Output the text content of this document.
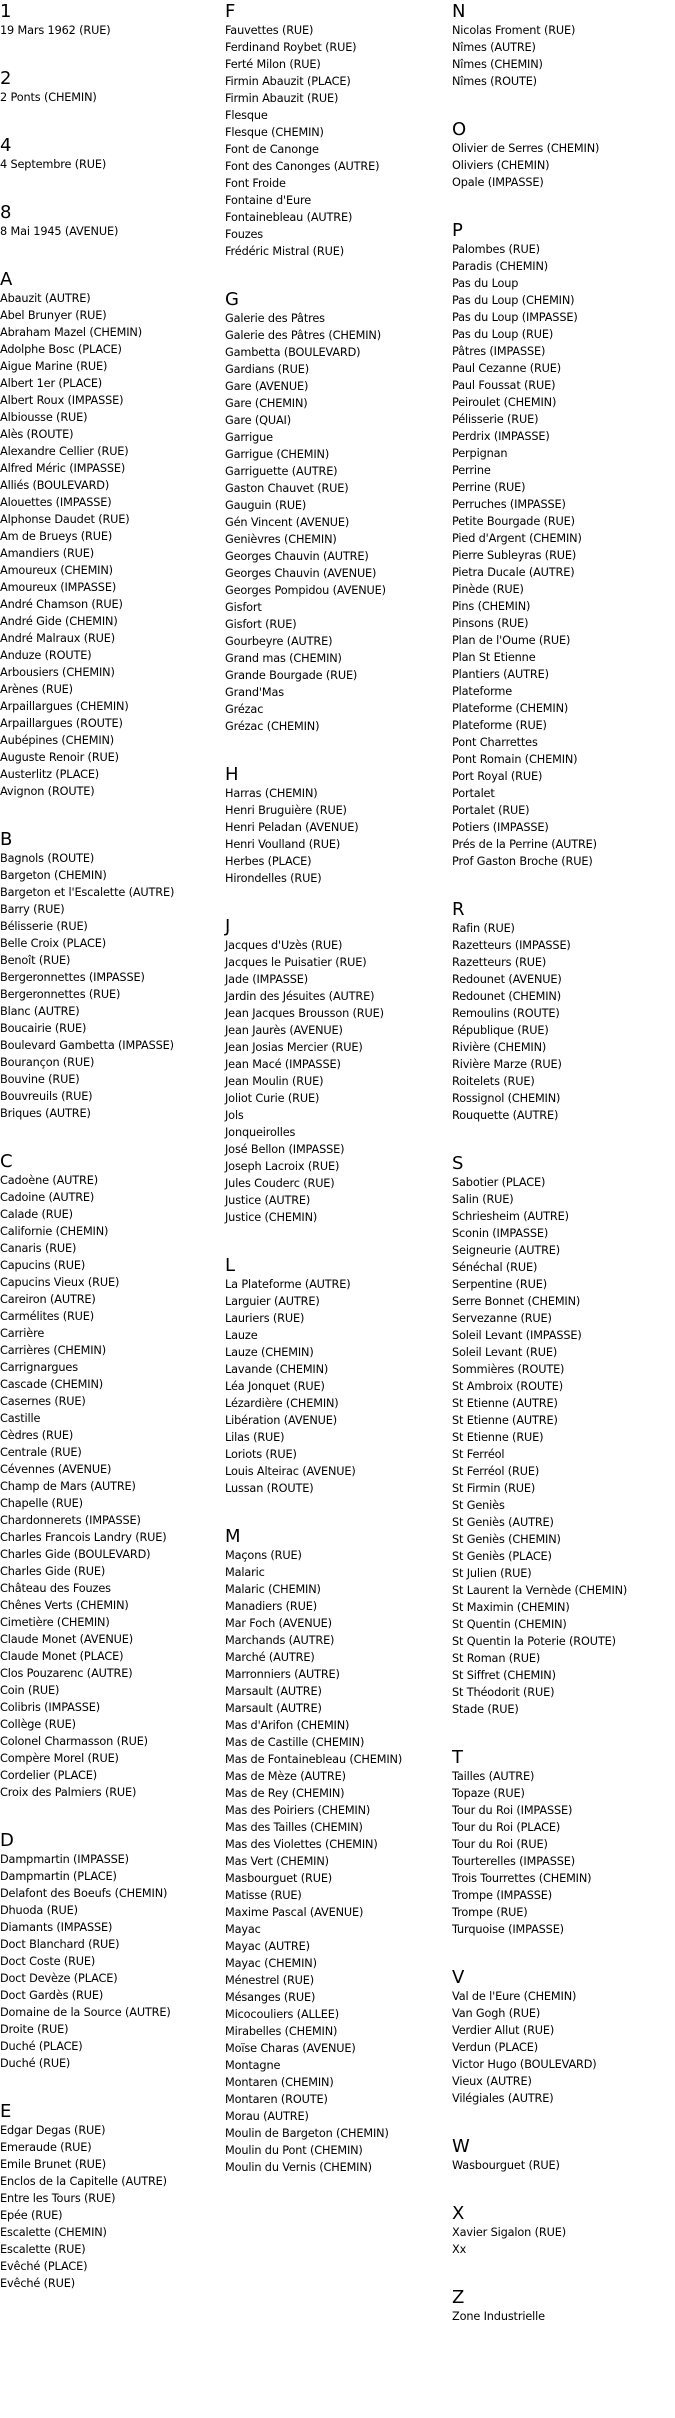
1
19 Mars 1962 (RUE)
2
2 Ponts (CHEMIN)
4
4 Septembre (RUE)
8
8 Mai 1945 (AVENUE)
A
Abauzit (AUTRE)
Abel Brunyer (RUE)
Abraham Mazel (CHEMIN)
Adolphe Bosc (PLACE)
Aigue Marine (RUE)
Albert 1er (PLACE)
Albert Roux (IMPASSE)
Albiousse (RUE)
Alès (ROUTE)
Alexandre Cellier (RUE)
Alfred Méric (IMPASSE)
Alliés (BOULEVARD)
Alouettes (IMPASSE)
Alphonse Daudet (RUE)
Am de Brueys (RUE)
Amandiers (RUE)
Amoureux (CHEMIN)
Amoureux (IMPASSE)
André Chamson (RUE)
André Gide (CHEMIN)
André Malraux (RUE)
Anduze (ROUTE)
Arbousiers (CHEMIN)
Arènes (RUE)
Arpaillargues (CHEMIN)
Arpaillargues (ROUTE)
Aubépines (CHEMIN)
Auguste Renoir (RUE)
Austerlitz (PLACE)
Avignon (ROUTE)
B
Bagnols (ROUTE)
Bargeton (CHEMIN)
Bargeton et l'Escalette (AUTRE)
Barry (RUE)
Bélisserie (RUE)
Belle Croix (PLACE)
Benoît (RUE)
Bergeronnettes (IMPASSE)
Bergeronnettes (RUE)
Blanc (AUTRE)
Boucairie (RUE)
Boulevard Gambetta (IMPASSE)
Bourançon (RUE)
Bouvine (RUE)
Bouvreuils (RUE)
Briques (AUTRE)
C
Cadoène (AUTRE)
Cadoine (AUTRE)
Calade (RUE)
Californie (CHEMIN)
Canaris (RUE)
Capucins (RUE)
Capucins Vieux (RUE)
Careiron (AUTRE)
Carmélites (RUE)
Carrière
Carrières (CHEMIN)
Carrignargues
Cascade (CHEMIN)
Casernes (RUE)
Castille
Cèdres (RUE)
Centrale (RUE)
Cévennes (AVENUE)
Champ de Mars (AUTRE)
Chapelle (RUE)
Chardonnerets (IMPASSE)
Charles Francois Landry (RUE)
Charles Gide (BOULEVARD)
Charles Gide (RUE)
Château des Fouzes
Chênes Verts (CHEMIN)
Cimetière (CHEMIN)
Claude Monet (AVENUE)
Claude Monet (PLACE)
Clos Pouzarenc (AUTRE)
Coin (RUE)
Colibris (IMPASSE)
Collège (RUE)
Colonel Charmasson (RUE)
Compère Morel (RUE)
Cordelier (PLACE)
Croix des Palmiers (RUE)
D
Dampmartin (IMPASSE)
Dampmartin (PLACE)
Delafont des Boeufs (CHEMIN)
Dhuoda (RUE)
Diamants (IMPASSE)
Doct Blanchard (RUE)
Doct Coste (RUE)
Doct Devèze (PLACE)
Doct Gardès (RUE)
Domaine de la Source (AUTRE)
Droite (RUE)
Duché (PLACE)
Duché (RUE)
E
Edgar Degas (RUE)
Emeraude (RUE)
Emile Brunet (RUE)
Enclos de la Capitelle (AUTRE)
Entre les Tours (RUE)
Epée (RUE)
Escalette (CHEMIN)
Escalette (RUE)
Evêché (PLACE)
Evêché (RUE)
F
Fauvettes (RUE)
Ferdinand Roybet (RUE)
Ferté Milon (RUE)
Firmin Abauzit (PLACE)
Firmin Abauzit (RUE)
Flesque
Flesque (CHEMIN)
Font de Canonge
Font des Canonges (AUTRE)
Font Froide
Fontaine d'Eure
Fontainebleau (AUTRE)
Fouzes
Frédéric Mistral (RUE)
G
Galerie des Pâtres
Galerie des Pâtres (CHEMIN)
Gambetta (BOULEVARD)
Gardians (RUE)
Gare (AVENUE)
Gare (CHEMIN)
Gare (QUAI)
Garrigue
Garrigue (CHEMIN)
Garriguette (AUTRE)
Gaston Chauvet (RUE)
Gauguin (RUE)
Gén Vincent (AVENUE)
Genièvres (CHEMIN)
Georges Chauvin (AUTRE)
Georges Chauvin (AVENUE)
Georges Pompidou (AVENUE)
Gisfort
Gisfort (RUE)
Gourbeyre (AUTRE)
Grand mas (CHEMIN)
Grande Bourgade (RUE)
Grand'Mas
Grézac
Grézac (CHEMIN)
H
Harras (CHEMIN)
Henri Bruguière (RUE)
Henri Peladan (AVENUE)
Henri Voulland (RUE)
Herbes (PLACE)
Hirondelles (RUE)
J
Jacques d'Uzès (RUE)
Jacques le Puisatier (RUE)
Jade (IMPASSE)
Jardin des Jésuites (AUTRE)
Jean Jacques Brousson (RUE)
Jean Jaurès (AVENUE)
Jean Josias Mercier (RUE)
Jean Macé (IMPASSE)
Jean Moulin (RUE)
Joliot Curie (RUE)
Jols
Jonqueirolles
José Bellon (IMPASSE)
Joseph Lacroix (RUE)
Jules Couderc (RUE)
Justice (AUTRE)
Justice (CHEMIN)
L
La Plateforme (AUTRE)
Larguier (AUTRE)
Lauriers (RUE)
Lauze
Lauze (CHEMIN)
Lavande (CHEMIN)
Léa Jonquet (RUE)
Lézardière (CHEMIN)
Libération (AVENUE)
Lilas (RUE)
Loriots (RUE)
Louis Alteirac (AVENUE)
Lussan (ROUTE)
M
Maçons (RUE)
Malaric
Malaric (CHEMIN)
Manadiers (RUE)
Mar Foch (AVENUE)
Marchands (AUTRE)
Marché (AUTRE)
Marronniers (AUTRE)
Marsault (AUTRE)
Marsault (AUTRE)
Mas d'Arifon (CHEMIN)
Mas de Castille (CHEMIN)
Mas de Fontainebleau (CHEMIN)
Mas de Mèze (AUTRE)
Mas de Rey (CHEMIN)
Mas des Poiriers (CHEMIN)
Mas des Tailles (CHEMIN)
Mas des Violettes (CHEMIN)
Mas Vert (CHEMIN)
Masbourguet (RUE)
Matisse (RUE)
Maxime Pascal (AVENUE)
Mayac
Mayac (AUTRE)
Mayac (CHEMIN)
Ménestrel (RUE)
Mésanges (RUE)
Micocouliers (ALLEE)
Mirabelles (CHEMIN)
Moïse Charas (AVENUE)
Montagne
Montaren (CHEMIN)
Montaren (ROUTE)
Morau (AUTRE)
Moulin de Bargeton (CHEMIN)
Moulin du Pont (CHEMIN)
Moulin du Vernis (CHEMIN)
N
Nicolas Froment (RUE)
Nîmes (AUTRE)
Nîmes (CHEMIN)
Nîmes (ROUTE)
O
Olivier de Serres (CHEMIN)
Oliviers (CHEMIN)
Opale (IMPASSE)
P
Palombes (RUE)
Paradis (CHEMIN)
Pas du Loup
Pas du Loup (CHEMIN)
Pas du Loup (IMPASSE)
Pas du Loup (RUE)
Pâtres (IMPASSE)
Paul Cezanne (RUE)
Paul Foussat (RUE)
Peiroulet (CHEMIN)
Pélisserie (RUE)
Perdrix (IMPASSE)
Perpignan
Perrine
Perrine (RUE)
Perruches (IMPASSE)
Petite Bourgade (RUE)
Pied d'Argent (CHEMIN)
Pierre Subleyras (RUE)
Pietra Ducale (AUTRE)
Pinède (RUE)
Pins (CHEMIN)
Pinsons (RUE)
Plan de l'Oume (RUE)
Plan St Etienne
Plantiers (AUTRE)
Plateforme
Plateforme (CHEMIN)
Plateforme (RUE)
Pont Charrettes
Pont Romain (CHEMIN)
Port Royal (RUE)
Portalet
Portalet (RUE)
Potiers (IMPASSE)
Prés de la Perrine (AUTRE)
Prof Gaston Broche (RUE)
R
Rafin (RUE)
Razetteurs (IMPASSE)
Razetteurs (RUE)
Redounet (AVENUE)
Redounet (CHEMIN)
Remoulins (ROUTE)
République (RUE)
Rivière (CHEMIN)
Rivière Marze (RUE)
Roitelets (RUE)
Rossignol (CHEMIN)
Rouquette (AUTRE)
S
Sabotier (PLACE)
Salin (RUE)
Schriesheim (AUTRE)
Sconin (IMPASSE)
Seigneurie (AUTRE)
Sénéchal (RUE)
Serpentine (RUE)
Serre Bonnet (CHEMIN)
Servezanne (RUE)
Soleil Levant (IMPASSE)
Soleil Levant (RUE)
Sommières (ROUTE)
St Ambroix (ROUTE)
St Etienne (AUTRE)
St Etienne (AUTRE)
St Etienne (RUE)
St Ferréol
St Ferréol (RUE)
St Firmin (RUE)
St Geniès
St Geniès (AUTRE)
St Geniès (CHEMIN)
St Geniès (PLACE)
St Julien (RUE)
St Laurent la Vernède (CHEMIN)
St Maximin (CHEMIN)
St Quentin (CHEMIN)
St Quentin la Poterie (ROUTE)
St Roman (RUE)
St Siffret (CHEMIN)
St Théodorit (RUE)
Stade (RUE)
T
Tailles (AUTRE)
Topaze (RUE)
Tour du Roi (IMPASSE)
Tour du Roi (PLACE)
Tour du Roi (RUE)
Tourterelles (IMPASSE)
Trois Tourrettes (CHEMIN)
Trompe (IMPASSE)
Trompe (RUE)
Turquoise (IMPASSE)
V
Val de l'Eure (CHEMIN)
Van Gogh (RUE)
Verdier Allut (RUE)
Verdun (PLACE)
Victor Hugo (BOULEVARD)
Vieux (AUTRE)
Vilégiales (AUTRE)
W
Wasbourguet (RUE)
X
Xavier Sigalon (RUE)
Xx
Z
Zone Industrielle
